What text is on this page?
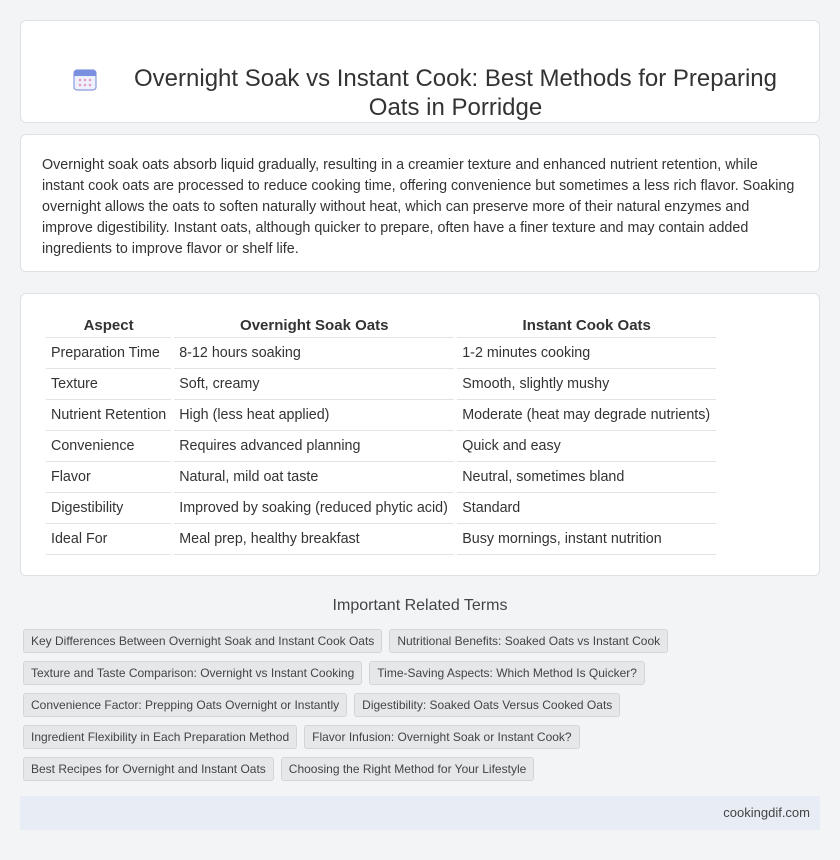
Overnight Soak vs Instant Cook: Best Methods for Preparing Oats in Porridge

Overnight soak oats absorb liquid gradually, resulting in a creamier texture and enhanced nutrient retention, while instant cook oats are processed to reduce cooking time, offering convenience but sometimes a less rich flavor. Soaking overnight allows the oats to soften naturally without heat, which can preserve more of their natural enzymes and improve digestibility. Instant oats, although quicker to prepare, often have a finer texture and may contain added ingredients to improve flavor or shelf life.

Aspect	Overnight Soak Oats	Instant Cook Oats
Preparation Time	8-12 hours soaking	1-2 minutes cooking
Texture	Soft, creamy	Smooth, slightly mushy
Nutrient Retention	High (less heat applied)	Moderate (heat may degrade nutrients)
Convenience	Requires advanced planning	Quick and easy
Flavor	Natural, mild oat taste	Neutral, sometimes bland
Digestibility	Improved by soaking (reduced phytic acid)	Standard
Ideal For	Meal prep, healthy breakfast	Busy mornings, instant nutrition
Important Related Terms
Key Differences Between Overnight Soak and Instant Cook Oats	Nutritional Benefits: Soaked Oats vs Instant Cook
Texture and Taste Comparison: Overnight vs Instant Cooking	Time-Saving Aspects: Which Method Is Quicker?
Convenience Factor: Prepping Oats Overnight or Instantly	Digestibility: Soaked Oats Versus Cooked Oats
Ingredient Flexibility in Each Preparation Method	Flavor Infusion: Overnight Soak or Instant Cook?
Best Recipes for Overnight and Instant Oats	Choosing the Right Method for Your Lifestyle
cookingdif.com
